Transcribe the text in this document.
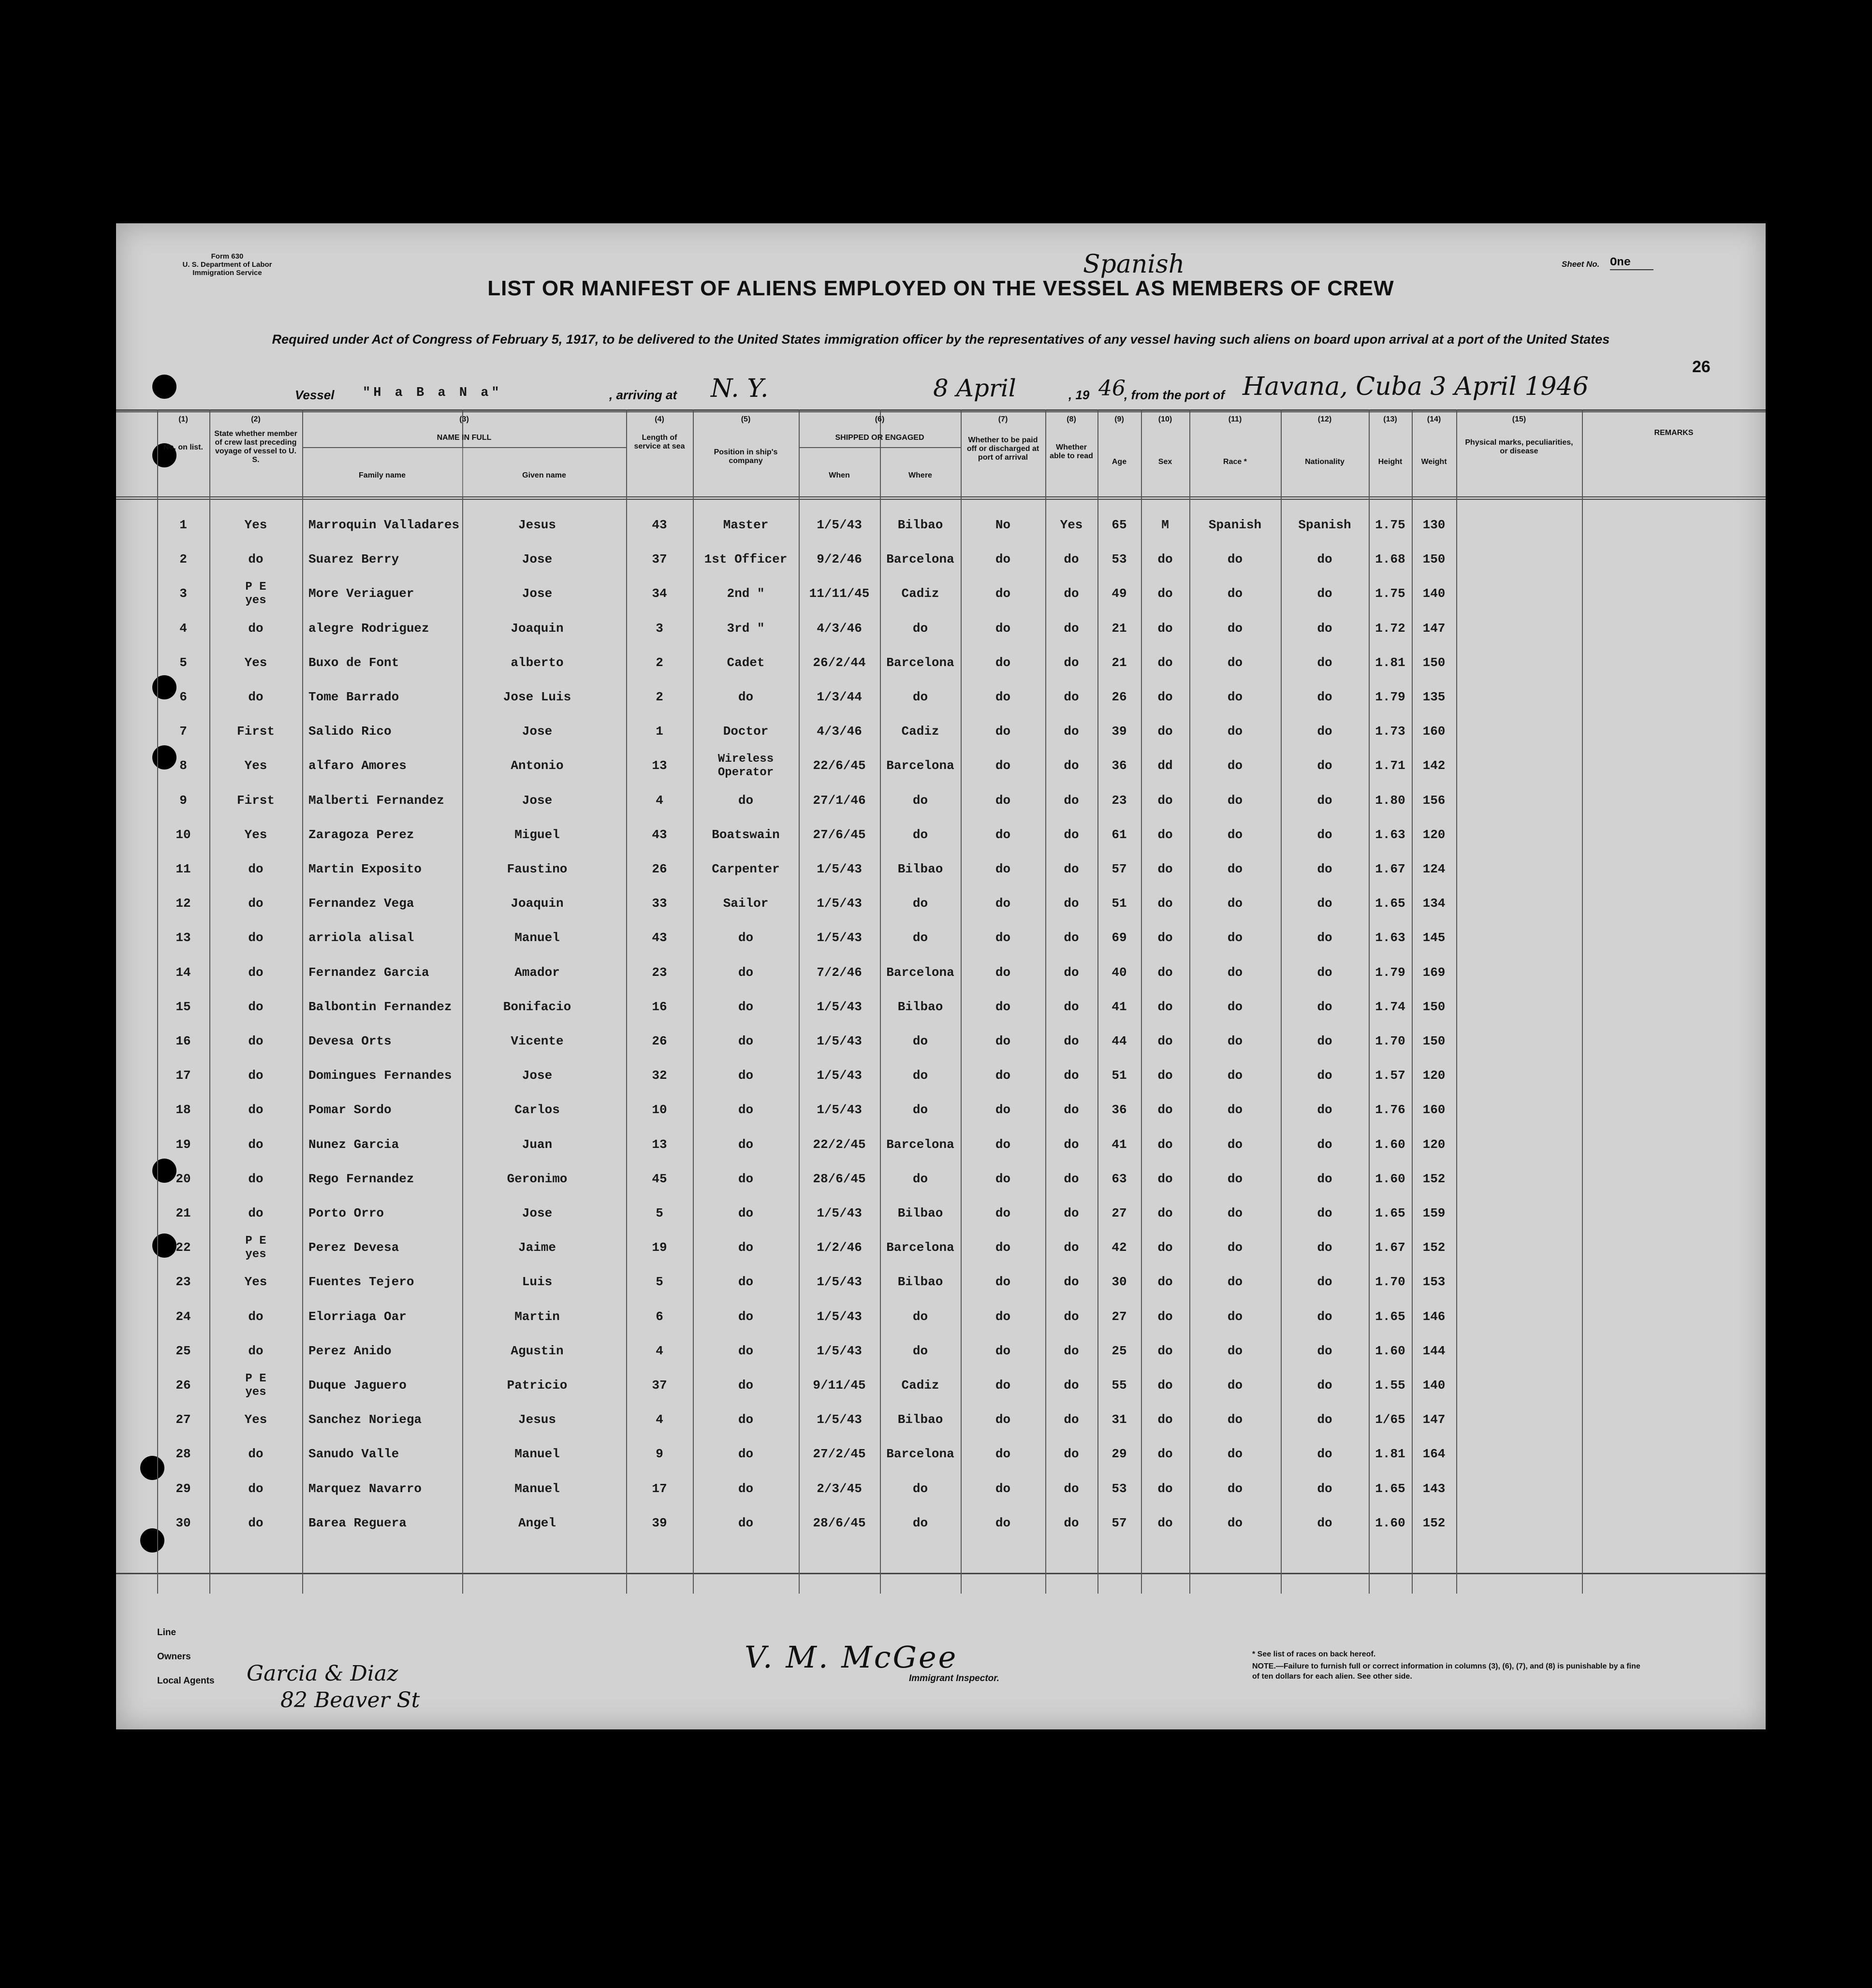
Form 630
U. S. Department of Labor
Immigration Service
Sheet No. One
LIST OR MANIFEST OF ALIENS EMPLOYED ON THE VESSEL AS MEMBERS OF CREW
Spanish
Required under Act of Congress of February 5, 1917, to be delivered to the United States immigration officer by the representatives of any vessel having such aliens on board upon arrival at a port of the United States
26
Vessel "H a B a N a"	, arriving at N. Y.	8 April	, 19 46
, from the port of Havana, Cuba 3 April 1946
(1)	(2)	(3)	(4)	(5)	(6)	(7)	(8)	(9)	(10)	(11)	(12)	(13)	(14)	(15)
No. on list.
State whether member of crew last preceding voyage of vessel to U. S.
NAME IN FULL
Family name	Given name
Length of service at sea
Position in ship's company
SHIPPED OR ENGAGED
When	Where
Whether to be paid off or discharged at port of arrival
Whether able to read
Age	Sex	Race *	Nationality	Height	Weight
Physical marks, peculiarities, or disease
REMARKS
1	Yes	Marroquin Valladares	Jesus	43	Master	1/5/43	Bilbao	No	Yes	65	M	Spanish	Spanish	1.75	130
2	do	Suarez Berry	Jose	37	1st Officer	9/2/46	Barcelona	do	do	53	do	do	do	1.68	150
3	P E
yes	More Veriaguer	Jose	34	2nd "	11/11/45	Cadiz	do	do	49	do	do	do	1.75	140
4	do	alegre Rodriguez	Joaquin	3	3rd "	4/3/46	do	do	do	21	do	do	do	1.72	147
5	Yes	Buxo de Font	alberto	2	Cadet	26/2/44	Barcelona	do	do	21	do	do	do	1.81	150
6	do	Tome Barrado	Jose Luis	2	do	1/3/44	do	do	do	26	do	do	do	1.79	135
7	First	Salido Rico	Jose	1	Doctor	4/3/46	Cadiz	do	do	39	do	do	do	1.73	160
8	Yes	alfaro Amores	Antonio	13	Wireless
Operator	22/6/45	Barcelona	do	do	36	dd	do	do	1.71	142
9	First	Malberti Fernandez	Jose	4	do	27/1/46	do	do	do	23	do	do	do	1.80	156
10	Yes	Zaragoza Perez	Miguel	43	Boatswain	27/6/45	do	do	do	61	do	do	do	1.63	120
11	do	Martin Exposito	Faustino	26	Carpenter	1/5/43	Bilbao	do	do	57	do	do	do	1.67	124
12	do	Fernandez Vega	Joaquin	33	Sailor	1/5/43	do	do	do	51	do	do	do	1.65	134
13	do	arriola alisal	Manuel	43	do	1/5/43	do	do	do	69	do	do	do	1.63	145
14	do	Fernandez Garcia	Amador	23	do	7/2/46	Barcelona	do	do	40	do	do	do	1.79	169
15	do	Balbontin Fernandez	Bonifacio	16	do	1/5/43	Bilbao	do	do	41	do	do	do	1.74	150
16	do	Devesa Orts	Vicente	26	do	1/5/43	do	do	do	44	do	do	do	1.70	150
17	do	Domingues Fernandes	Jose	32	do	1/5/43	do	do	do	51	do	do	do	1.57	120
18	do	Pomar Sordo	Carlos	10	do	1/5/43	do	do	do	36	do	do	do	1.76	160
19	do	Nunez Garcia	Juan	13	do	22/2/45	Barcelona	do	do	41	do	do	do	1.60	120
20	do	Rego Fernandez	Geronimo	45	do	28/6/45	do	do	do	63	do	do	do	1.60	152
21	do	Porto Orro	Jose	5	do	1/5/43	Bilbao	do	do	27	do	do	do	1.65	159
22	P E
yes	Perez Devesa	Jaime	19	do	1/2/46	Barcelona	do	do	42	do	do	do	1.67	152
23	Yes	Fuentes Tejero	Luis	5	do	1/5/43	Bilbao	do	do	30	do	do	do	1.70	153
24	do	Elorriaga Oar	Martin	6	do	1/5/43	do	do	do	27	do	do	do	1.65	146
25	do	Perez Anido	Agustin	4	do	1/5/43	do	do	do	25	do	do	do	1.60	144
26	P E
yes	Duque Jaguero	Patricio	37	do	9/11/45	Cadiz	do	do	55	do	do	do	1.55	140
27	Yes	Sanchez Noriega	Jesus	4	do	1/5/43	Bilbao	do	do	31	do	do	do	1/65	147
28	do	Sanudo Valle	Manuel	9	do	27/2/45	Barcelona	do	do	29	do	do	do	1.81	164
29	do	Marquez Navarro	Manuel	17	do	2/3/45	do	do	do	53	do	do	do	1.65	143
30	do	Barea Reguera	Angel	39	do	28/6/45	do	do	do	57	do	do	do	1.60	152
Line
Owners
Local Agents Garcia & Diaz
82 Beaver St
V. M. McGee
Immigrant Inspector.
* See list of races on back hereof.
NOTE.—Failure to furnish full or correct information in columns (3), (6), (7), and (8) is punishable by a fine of ten dollars for each alien. See other side.
